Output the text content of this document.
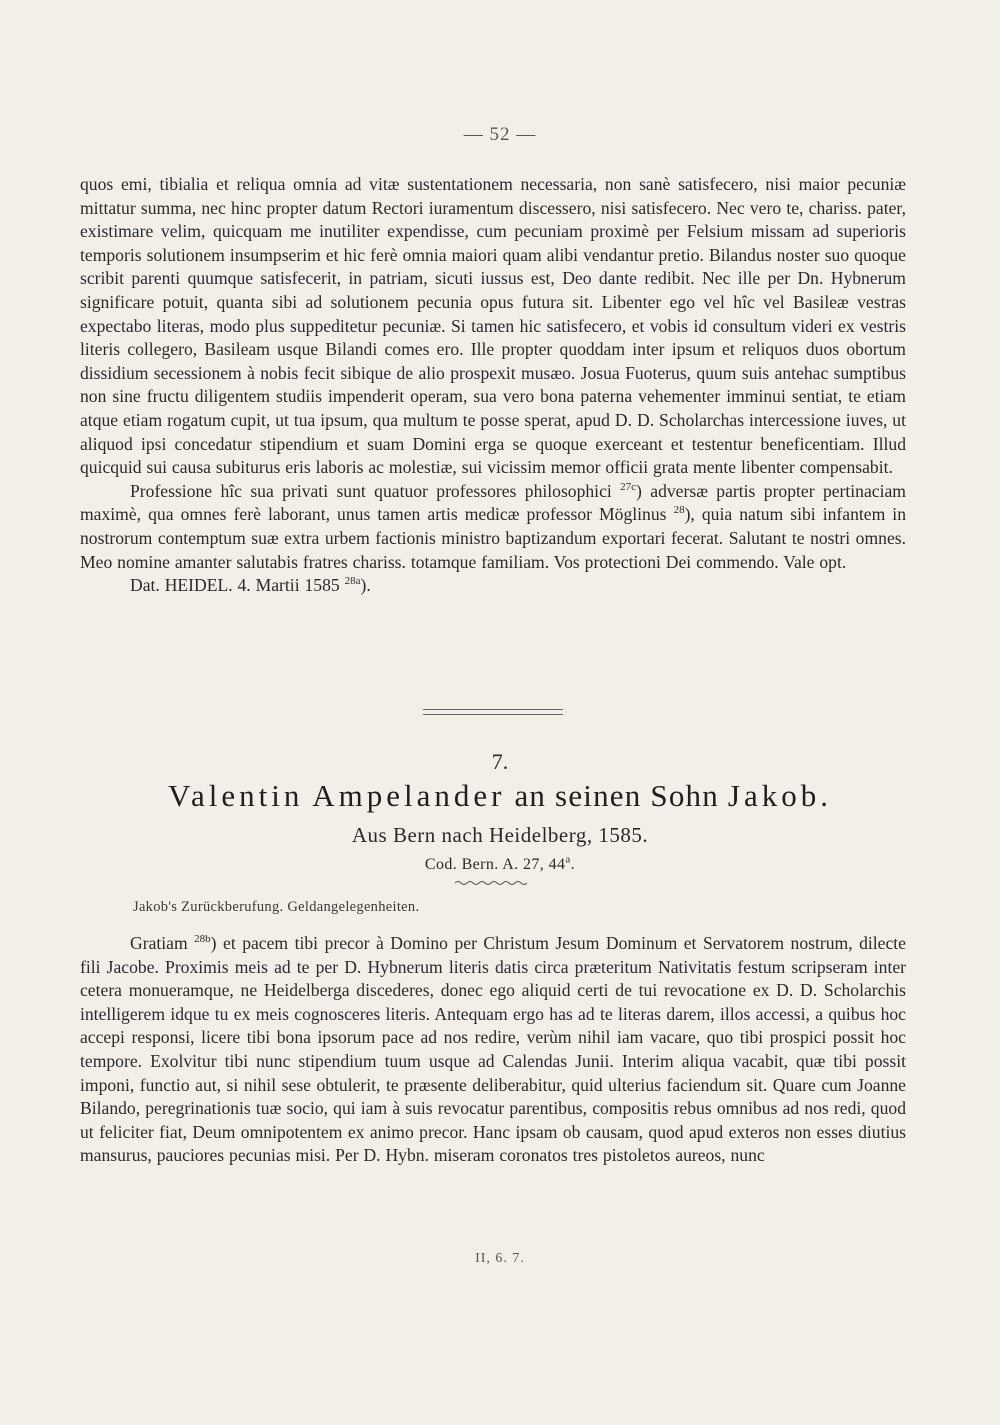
— 52 —

quos emi, tibialia et reliqua omnia ad vitæ sustentationem necessaria, non sanè satisfecero, nisi maior pecuniæ mittatur summa, nec hinc propter datum Rectori iuramentum discessero, nisi satisfecero. Nec vero te, chariss. pater, existimare velim, quicquam me inutiliter expendisse, cum pecuniam proximè per Felsium missam ad superioris temporis solutionem insumpserim et hic ferè omnia maiori quam alibi vendantur pretio. Bilandus noster suo quoque scribit parenti quumque satisfecerit, in patriam, sicuti iussus est, Deo dante redibit. Nec ille per Dn. Hybnerum significare potuit, quanta sibi ad solutionem pecunia opus futura sit. Libenter ego vel hîc vel Basileæ vestras expectabo literas, modo plus suppeditetur pecuniæ. Si tamen hic satisfecero, et vobis id consultum videri ex vestris literis collegero, Basileam usque Bilandi comes ero. Ille propter quoddam inter ipsum et reliquos duos obortum dissidium secessionem à nobis fecit sibique de alio prospexit musæo. Josua Fuoterus, quum suis antehac sumptibus non sine fructu diligentem studiis impenderit operam, sua vero bona paterna vehementer imminui sentiat, te etiam atque etiam rogatum cupit, ut tua ipsum, qua multum te posse sperat, apud D. D. Scholarchas intercessione iuves, ut aliquod ipsi concedatur stipendium et suam Domini erga se quoque exerceant et testentur beneficentiam. Illud quicquid sui causa subiturus eris laboris ac molestiæ, sui vicissim memor officii grata mente libenter compensabit.

Professione hîc sua privati sunt quatuor professores philosophici $^{27c}$) adversæ partis propter pertinaciam maximè, qua omnes ferè laborant, unus tamen artis medicæ professor Möglinus $^{28}$), quia natum sibi infantem in nostrorum contemptum suæ extra urbem factionis ministro baptizandum exportari fecerat. Salutant te nostri omnes. Meo nomine amanter salutabis fratres chariss. totamque familiam. Vos protectioni Dei commendo. Vale opt.

Dat. HEIDEL. 4. Martii 1585 $^{28a}$).

7.
Valentin Ampelander an seinen Sohn Jakob.
Aus Bern nach Heidelberg, 1585.
Cod. Bern. A. 27, 44$^a$.
Jakob's Zurückberufung. Geldangelegenheiten.

Gratiam $^{28b}$) et pacem tibi precor à Domino per Christum Jesum Dominum et Servatorem nostrum, dilecte fili Jacobe. Proximis meis ad te per D. Hybnerum literis datis circa præteritum Nativitatis festum scripseram inter cetera monueramque, ne Heidelberga discederes, donec ego aliquid certi de tui revocatione ex D. D. Scholarchis intelligerem idque tu ex meis cognosceres literis. Antequam ergo has ad te literas darem, illos accessi, a quibus hoc accepi responsi, licere tibi bona ipsorum pace ad nos redire, verùm nihil iam vacare, quo tibi prospici possit hoc tempore. Exolvitur tibi nunc stipendium tuum usque ad Calendas Junii. Interim aliqua vacabit, quæ tibi possit imponi, functio aut, si nihil sese obtulerit, te præsente deliberabitur, quid ulterius faciendum sit. Quare cum Joanne Bilando, peregrinationis tuæ socio, qui iam à suis revocatur parentibus, compositis rebus omnibus ad nos redi, quod ut feliciter fiat, Deum omnipotentem ex animo precor. Hanc ipsam ob causam, quod apud exteros non esses diutius mansurus, pauciores pecunias misi. Per D. Hybn. miseram coronatos tres pistoletos aureos, nunc

II, 6. 7.
